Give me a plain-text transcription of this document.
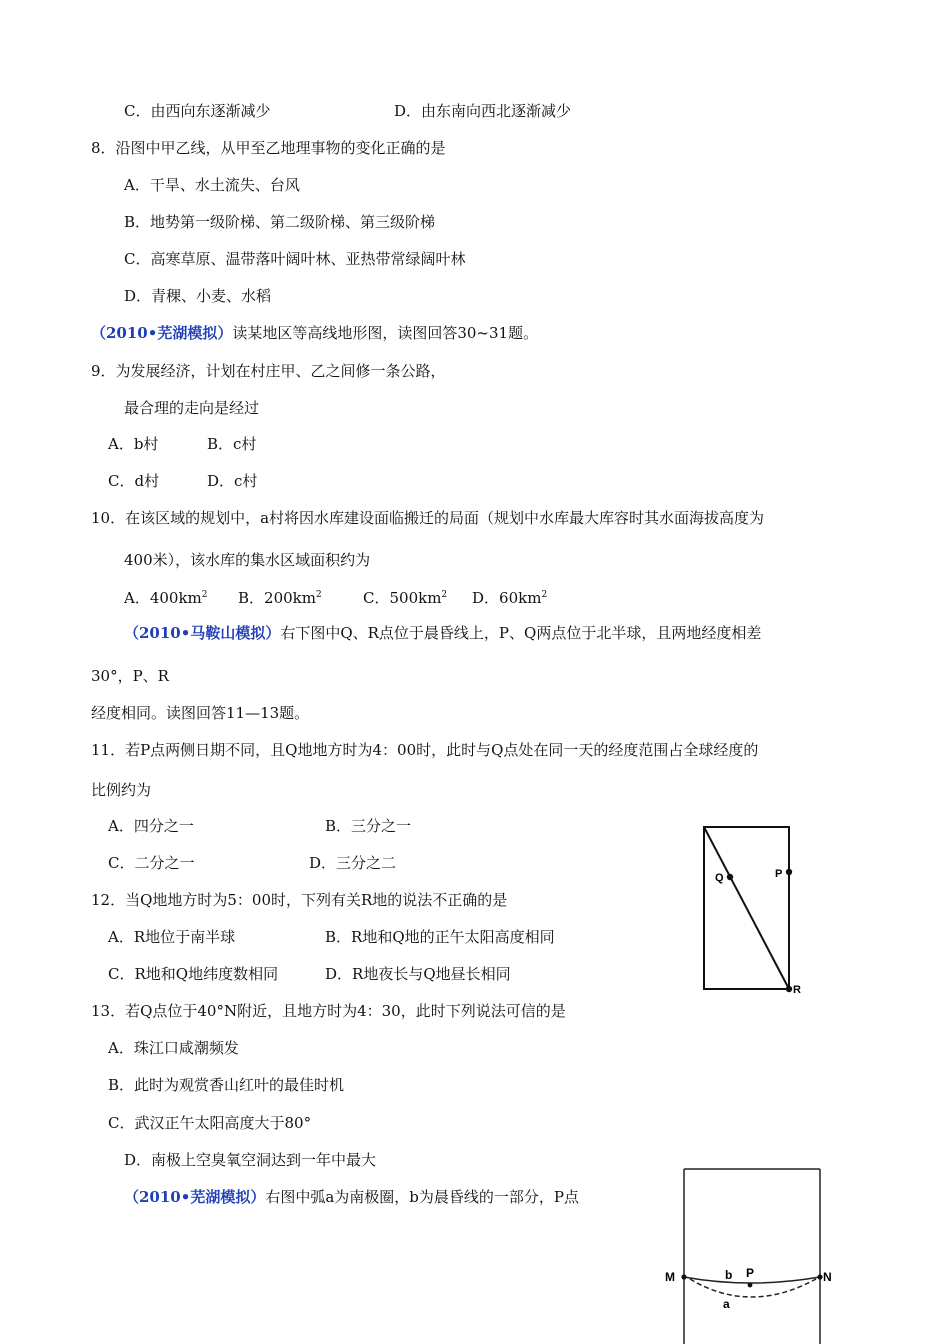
C．由西向东逐渐减少	D．由东南向西北逐渐减少
8．沿图中甲乙线，从甲至乙地理事物的变化正确的是
A．干旱、水土流失、台风
B．地势第一级阶梯、第二级阶梯、第三级阶梯
C．高寒草原、温带落叶阔叶林、亚热带常绿阔叶林
D．青稞、小麦、水稻
（2010•芜湖模拟）读某地区等高线地形图，读图回答30~31题。
9．为发展经济，计划在村庄甲、乙之间修一条公路，
最合理的走向是经过
A．b村	B．c村
C．d村	D．c村
10．在该区域的规划中，a村将因水库建设面临搬迁的局面（规划中水库最大库容时其水面海拔高度为
400米），该水库的集水区域面积约为
A．$400km^2$ B．$200km^2$	C．$500km^2$ D．$60km^2$
（2010•马鞍山模拟）右下图中Q、R点位于晨昏线上，P、Q两点位于北半球，且两地经度相差
30°，P、R
经度相同。读图回答11—13题。
11．若P点两侧日期不同，且Q地地方时为4：00时，此时与Q点处在同一天的经度范围占全球经度的
比例约为
A．四分之一	B．三分之一
C．二分之一	D．三分之二
12．当Q地地方时为5：00时，下列有关R地的说法不正确的是
A．R地位于南半球	B．R地和Q地的正午太阳高度相同
C．R地和Q地纬度数相同	D．R地夜长与Q地昼长相同
13．若Q点位于40°N附近，且地方时为4：30，此时下列说法可信的是
A．珠江口咸潮频发
B．此时为观赏香山红叶的最佳时机
C．武汉正午太阳高度大于80°
D．南极上空臭氧空洞达到一年中最大
（2010•芜湖模拟）右图中弧a为南极圈，b为晨昏线的一部分，P点
Q	P
R
M	N
b P
a
